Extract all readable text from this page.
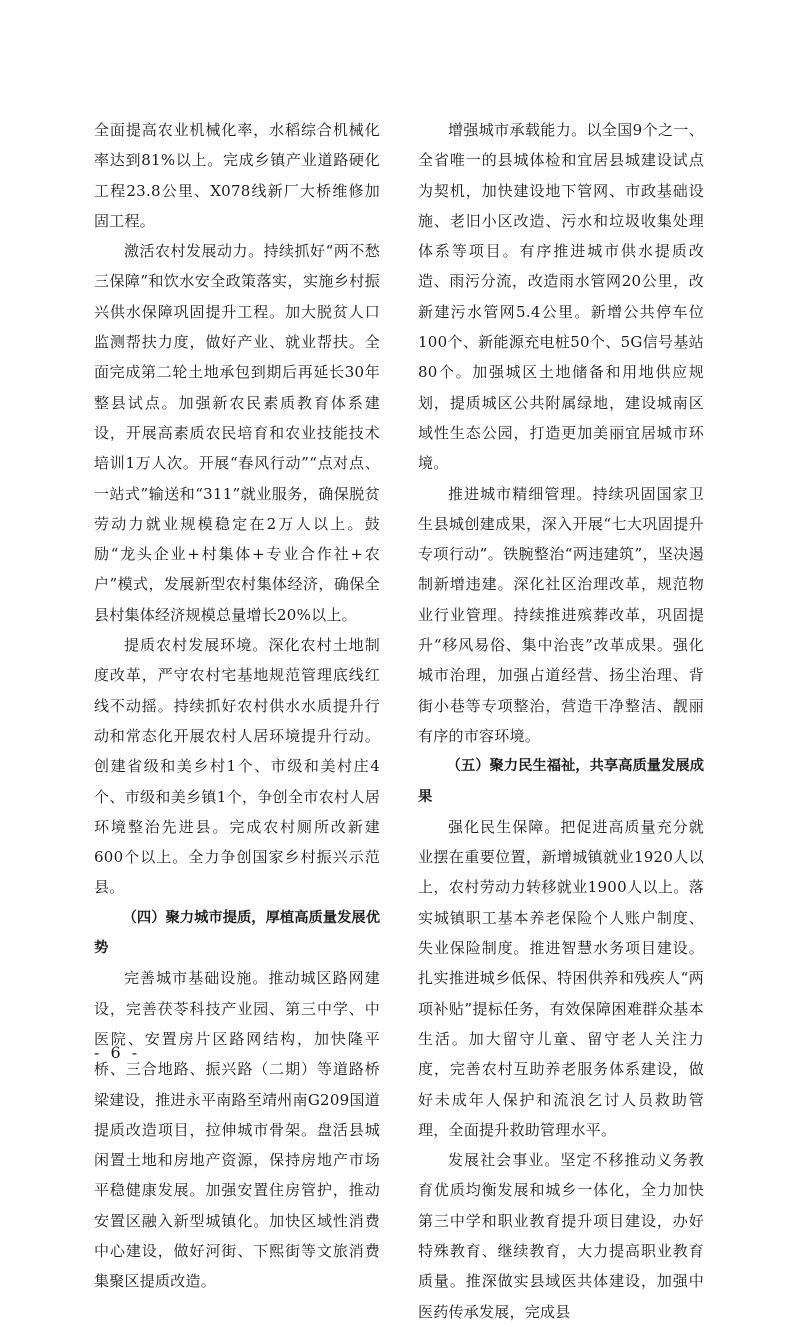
全面提高农业机械化率，水稻综合机械化率达到81%以上。完成乡镇产业道路硬化工程23.8公里、X078线新厂大桥维修加固工程。

激活农村发展动力。持续抓好“两不愁三保障”和饮水安全政策落实，实施乡村振兴供水保障巩固提升工程。加大脱贫人口监测帮扶力度，做好产业、就业帮扶。全面完成第二轮土地承包到期后再延长30年整县试点。加强新农民素质教育体系建设，开展高素质农民培育和农业技能技术培训1万人次。开展“春风行动”“点对点、一站式”输送和“311”就业服务，确保脱贫劳动力就业规模稳定在2万人以上。鼓励“龙头企业+村集体+专业合作社+农户”模式，发展新型农村集体经济，确保全县村集体经济规模总量增长20%以上。

提质农村发展环境。深化农村土地制度改革，严守农村宅基地规范管理底线红线不动摇。持续抓好农村供水水质提升行动和常态化开展农村人居环境提升行动。创建省级和美乡村1个、市级和美村庄4个、市级和美乡镇1个，争创全市农村人居环境整治先进县。完成农村厕所改新建600个以上。全力争创国家乡村振兴示范县。

（四）聚力城市提质，厚植高质量发展优势

完善城市基础设施。推动城区路网建设，完善茯苓科技产业园、第三中学、中医院、安置房片区路网结构，加快隆平桥、三合地路、振兴路（二期）等道路桥梁建设，推进永平南路至靖州南G209国道提质改造项目，拉伸城市骨架。盘活县城闲置土地和房地产资源，保持房地产市场平稳健康发展。加强安置住房管护，推动安置区融入新型城镇化。加快区域性消费中心建设，做好河街、下熙街等文旅消费集聚区提质改造。

增强城市承载能力。以全国9个之一、全省唯一的县城体检和宜居县城建设试点为契机，加快建设地下管网、市政基础设施、老旧小区改造、污水和垃圾收集处理体系等项目。有序推进城市供水提质改造、雨污分流，改造雨水管网20公里，改新建污水管网5.4公里。新增公共停车位100个、新能源充电桩50个、5G信号基站80个。加强城区土地储备和用地供应规划，提质城区公共附属绿地，建设城南区域性生态公园，打造更加美丽宜居城市环境。

推进城市精细管理。持续巩固国家卫生县城创建成果，深入开展“七大巩固提升专项行动”。铁腕整治“两违建筑”，坚决遏制新增违建。深化社区治理改革，规范物业行业管理。持续推进殡葬改革，巩固提升“移风易俗、集中治丧”改革成果。强化城市治理，加强占道经营、扬尘治理、背街小巷等专项整治，营造干净整洁、靓丽有序的市容环境。

（五）聚力民生福祉，共享高质量发展成果

强化民生保障。把促进高质量充分就业摆在重要位置，新增城镇就业1920人以上，农村劳动力转移就业1900人以上。落实城镇职工基本养老保险个人账户制度、失业保险制度。推进智慧水务项目建设。扎实推进城乡低保、特困供养和残疾人“两项补贴”提标任务，有效保障困难群众基本生活。加大留守儿童、留守老人关注力度，完善农村互助养老服务体系建设，做好未成年人保护和流浪乞讨人员救助管理，全面提升救助管理水平。

发展社会事业。坚定不移推动义务教育优质均衡发展和城乡一体化，全力加快第三中学和职业教育提升项目建设，办好特殊教育、继续教育，大力提高职业教育质量。推深做实县域医共体建设，加强中医药传承发展，完成县

- 6 -
